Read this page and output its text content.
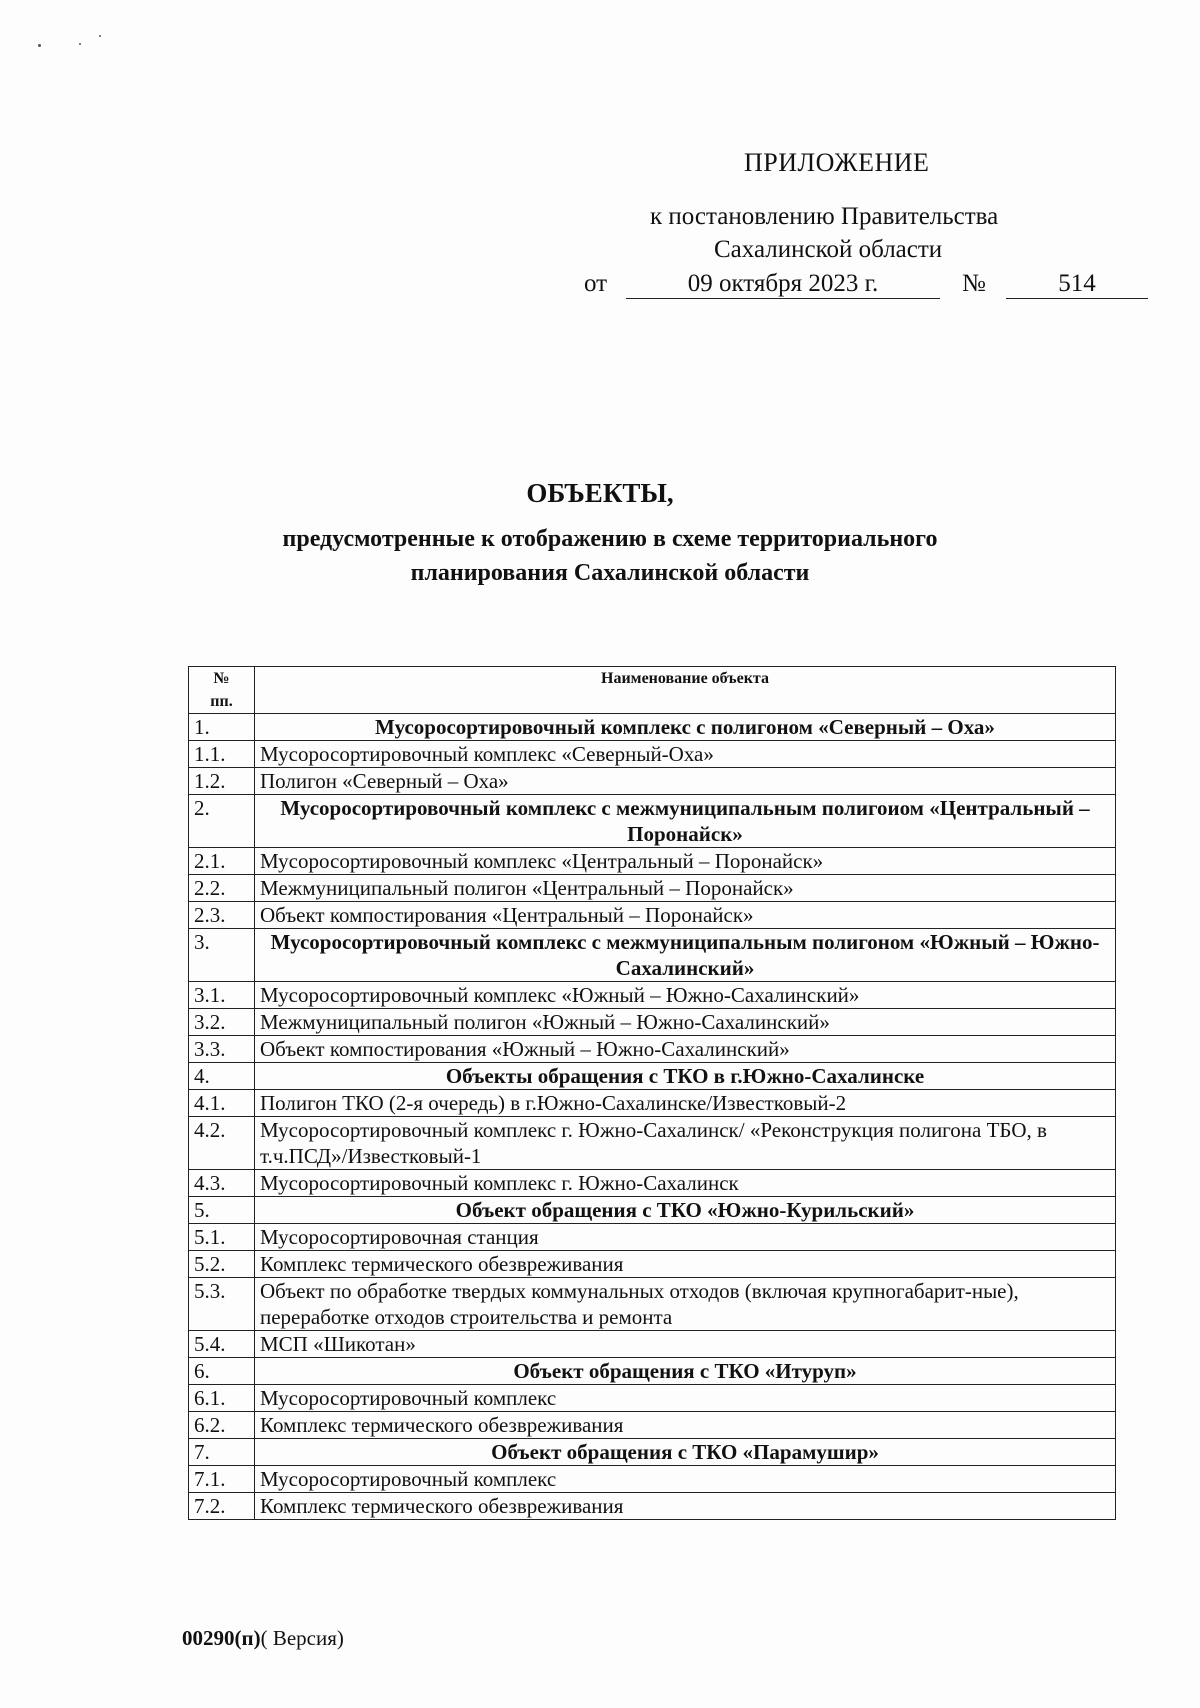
ПРИЛОЖЕНИЕ
к постановлению Правительства
Сахалинской области
от	09 октября 2023 г.	№	514
ОБЪЕКТЫ,
предусмотренные к отображению в схеме территориального
планирования Сахалинской области
№
пп.	Наименование объекта
1.	Мусоросортировочный комплекс с полигоном «Северный – Оха»
1.1.	Мусоросортировочный комплекс «Северный-Оха»
1.2.	Полигон «Северный – Оха»
2.	Мусоросортировочный комплекс с межмуниципальным полигоиом «Центральный – Поронайск»
2.1.	Мусоросортировочный комплекс «Центральный – Поронайск»
2.2.	Межмуниципальный полигон «Центральный – Поронайск»
2.3.	Объект компостирования «Центральный – Поронайск»
3.	Мусоросортировочный комплекс с межмуниципальным полигоном «Южный – Южно-Сахалинский»
3.1.	Мусоросортировочный комплекс «Южный – Южно-Сахалинский»
3.2.	Межмуниципальный полигон «Южный – Южно-Сахалинский»
3.3.	Объект компостирования «Южный – Южно-Сахалинский»
4.	Объекты обращения с ТКО в г.Южно-Сахалинске
4.1.	Полигон ТКО (2-я очередь) в г.Южно-Сахалинске/Известковый-2
4.2.	Мусоросортировочный комплекс г. Южно-Сахалинск/ «Реконструкция полигона ТБО, в т.ч.ПСД»/Известковый-1
4.3.	Мусоросортировочный комплекс г. Южно-Сахалинск
5.	Объект обращения с ТКО «Южно-Курильский»
5.1.	Мусоросортировочная станция
5.2.	Комплекс термического обезвреживания
5.3.	Объект по обработке твердых коммунальных отходов (включая крупногабарит-ные), переработке отходов строительства и ремонта
5.4.	МСП «Шикотан»
6.	Объект обращения с ТКО «Итуруп»
6.1.	Мусоросортировочный комплекс
6.2.	Комплекс термического обезвреживания
7.	Объект обращения с ТКО «Парамушир»
7.1.	Мусоросортировочный комплекс
7.2.	Комплекс термического обезвреживания
00290(п)( Версия)
